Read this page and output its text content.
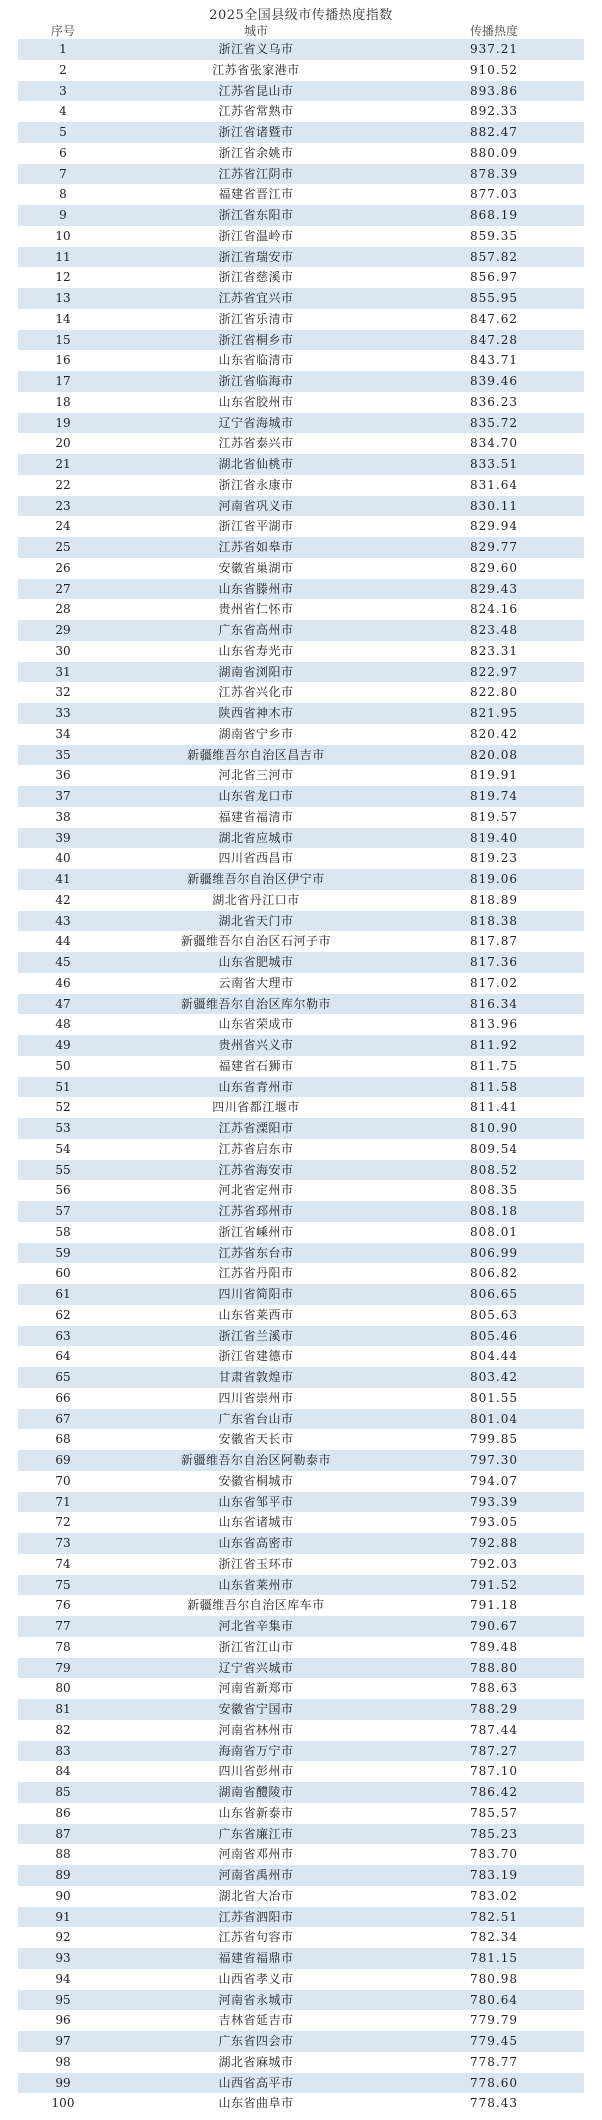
2025全国县级市传播热度指数
序号	城市	传播热度
1	浙江省义乌市	937.21
2	江苏省张家港市	910.52
3	江苏省昆山市	893.86
4	江苏省常熟市	892.33
5	浙江省诸暨市	882.47
6	浙江省余姚市	880.09
7	江苏省江阴市	878.39
8	福建省晋江市	877.03
9	浙江省东阳市	868.19
10	浙江省温岭市	859.35
11	浙江省瑞安市	857.82
12	浙江省慈溪市	856.97
13	江苏省宜兴市	855.95
14	浙江省乐清市	847.62
15	浙江省桐乡市	847.28
16	山东省临清市	843.71
17	浙江省临海市	839.46
18	山东省胶州市	836.23
19	辽宁省海城市	835.72
20	江苏省泰兴市	834.70
21	湖北省仙桃市	833.51
22	浙江省永康市	831.64
23	河南省巩义市	830.11
24	浙江省平湖市	829.94
25	江苏省如皋市	829.77
26	安徽省巢湖市	829.60
27	山东省滕州市	829.43
28	贵州省仁怀市	824.16
29	广东省高州市	823.48
30	山东省寿光市	823.31
31	湖南省浏阳市	822.97
32	江苏省兴化市	822.80
33	陕西省神木市	821.95
34	湖南省宁乡市	820.42
35	新疆维吾尔自治区昌吉市	820.08
36	河北省三河市	819.91
37	山东省龙口市	819.74
38	福建省福清市	819.57
39	湖北省应城市	819.40
40	四川省西昌市	819.23
41	新疆维吾尔自治区伊宁市	819.06
42	湖北省丹江口市	818.89
43	湖北省天门市	818.38
44	新疆维吾尔自治区石河子市	817.87
45	山东省肥城市	817.36
46	云南省大理市	817.02
47	新疆维吾尔自治区库尔勒市	816.34
48	山东省荣成市	813.96
49	贵州省兴义市	811.92
50	福建省石狮市	811.75
51	山东省青州市	811.58
52	四川省都江堰市	811.41
53	江苏省溧阳市	810.90
54	江苏省启东市	809.54
55	江苏省海安市	808.52
56	河北省定州市	808.35
57	江苏省邳州市	808.18
58	浙江省嵊州市	808.01
59	江苏省东台市	806.99
60	江苏省丹阳市	806.82
61	四川省简阳市	806.65
62	山东省莱西市	805.63
63	浙江省兰溪市	805.46
64	浙江省建德市	804.44
65	甘肃省敦煌市	803.42
66	四川省崇州市	801.55
67	广东省台山市	801.04
68	安徽省天长市	799.85
69	新疆维吾尔自治区阿勒泰市	797.30
70	安徽省桐城市	794.07
71	山东省邹平市	793.39
72	山东省诸城市	793.05
73	山东省高密市	792.88
74	浙江省玉环市	792.03
75	山东省莱州市	791.52
76	新疆维吾尔自治区库车市	791.18
77	河北省辛集市	790.67
78	浙江省江山市	789.48
79	辽宁省兴城市	788.80
80	河南省新郑市	788.63
81	安徽省宁国市	788.29
82	河南省林州市	787.44
83	海南省万宁市	787.27
84	四川省彭州市	787.10
85	湖南省醴陵市	786.42
86	山东省新泰市	785.57
87	广东省廉江市	785.23
88	河南省邓州市	783.70
89	河南省禹州市	783.19
90	湖北省大冶市	783.02
91	江苏省泗阳市	782.51
92	江苏省句容市	782.34
93	福建省福鼎市	781.15
94	山西省孝义市	780.98
95	河南省永城市	780.64
96	吉林省延吉市	779.79
97	广东省四会市	779.45
98	湖北省麻城市	778.77
99	山西省高平市	778.60
100	山东省曲阜市	778.43
